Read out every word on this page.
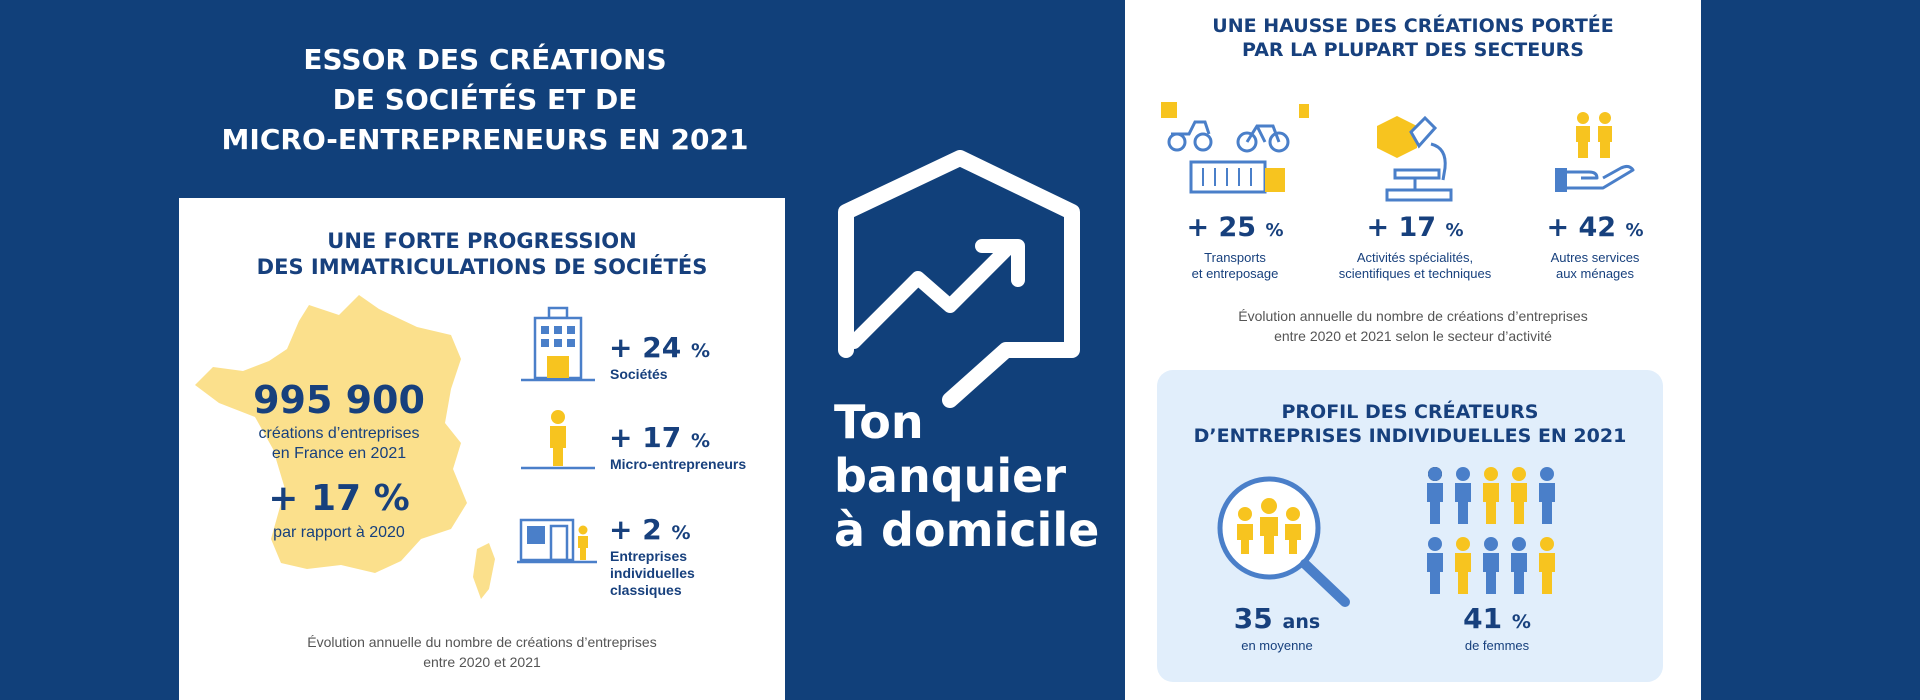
ESSOR DES CRÉATIONS
DE SOCIÉTÉS ET DE
MICRO-ENTREPRENEURS EN 2021
UNE FORTE PROGRESSION
DES IMMATRICULATIONS DE SOCIÉTÉS
995 900
créations d’entreprises
en France en 2021
+ 17 %
par rapport à 2020
+ 24 %
Sociétés
+ 17 %
Micro-entrepreneurs
+ 2 %
Entreprises
individuelles
classiques
Évolution annuelle du nombre de créations d’entreprises
entre 2020 et 2021
Ton
banquier
à domicile
UNE HAUSSE DES CRÉATIONS PORTÉE
PAR LA PLUPART DES SECTEURS
+ 25 %
Transports
et entreposage
+ 17 %
Activités spécialités,
scientifiques et techniques
+ 42 %
Autres services
aux ménages
Évolution annuelle du nombre de créations d’entreprises
entre 2020 et 2021 selon le secteur d’activité
PROFIL DES CRÉATEURS
D’ENTREPRISES INDIVIDUELLES EN 2021
35 ans
en moyenne
41 %
de femmes
